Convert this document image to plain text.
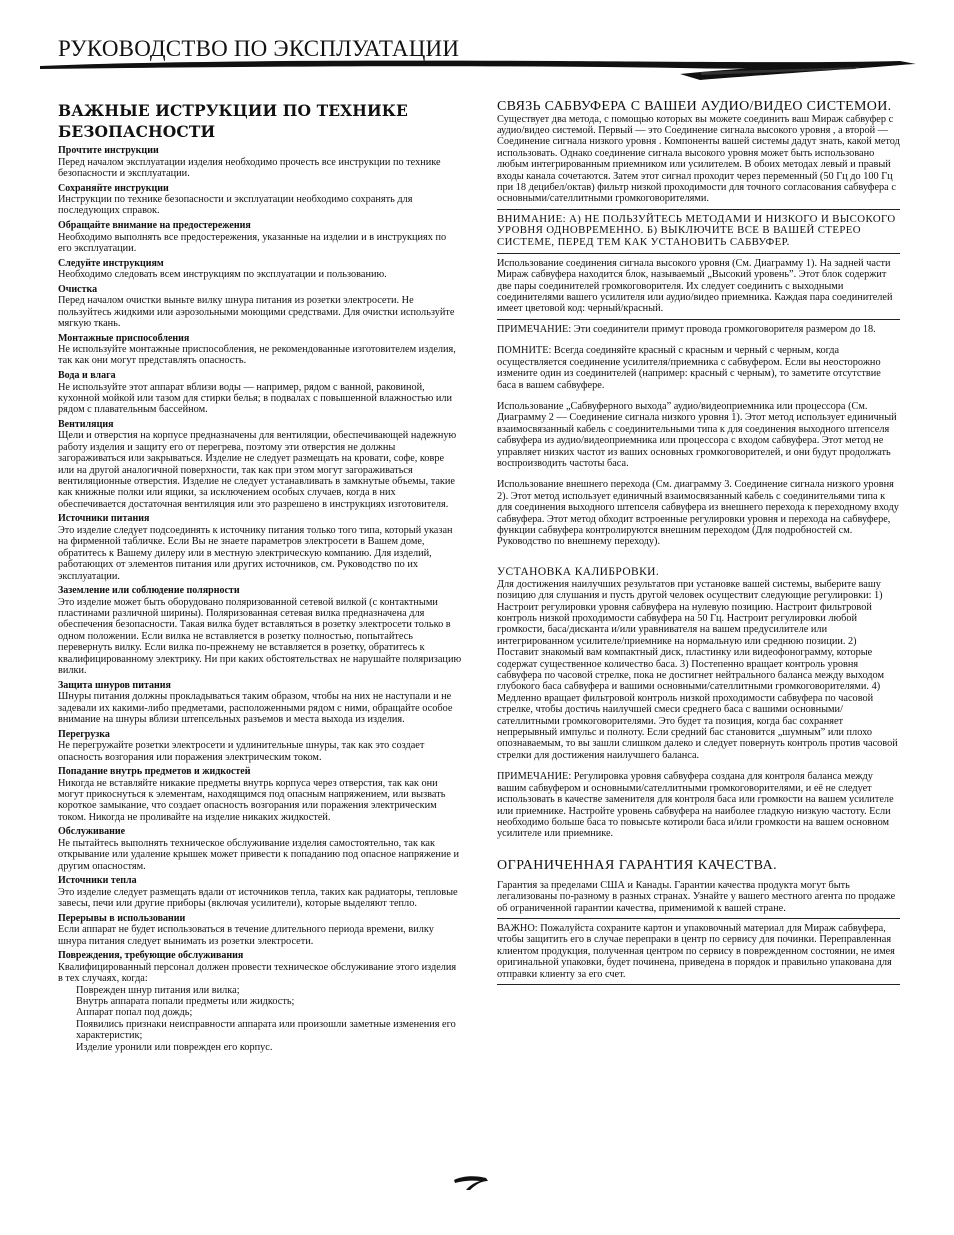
РУКОВОДСТВО ПО ЭКСПЛУАТАЦИИ
ВАЖНЫЕ ИСТРУКЦИИ ПО ТЕХНИКЕ БЕЗОПАСНОСТИ
Прочтите инструкции

Перед началом эксплуатации изделия необходимо прочесть все инструкции по технике безопасности и эксплуатации.

Сохраняйте инструкции

Инструкции по технике безопасности и эксплуатации необходимо сохранять для последующих справок.

Обращайте внимание на предостережения

Необходимо выполнять все предостережения, указанные на изделии и в инструкциях по его эксплуатации.

Следуйте инструкциям

Необходимо следовать всем инструкциям по эксплуатации и пользованию.

Очистка

Перед началом очистки выньте вилку шнура питания из розетки электросети. Не пользуйтесь жидкими или аэрозольными моющими средствами. Для очистки используйте мягкую ткань.

Монтажные приспособления

Не используйте монтажные приспособления, не рекомендованные изготовителем изделия, так как они могут представлять опасность.

Вода и влага

Не используйте этот аппарат вблизи воды — например, рядом с ванной, раковиной, кухонной мойкой или тазом для стирки белья; в подвалах с повышенной влажностью или рядом с плавательным бассейном.

Вентиляция

Щели и отверстия на корпусе предназначены для вентиляции, обеспечивающей надежную работу изделия и защиту его от перегрева, поэтому эти отверстия не должны загораживаться или закрываться. Изделие не следует размещать на кровати, софе, ковре или на другой аналогичной поверхности, так как при этом могут загораживаться вентиляционные отверстия. Изделие не следует устанавливать в замкнутые объемы, такие как книжные полки или ящики, за исключением особых случаев, когда в них обеспечивается достаточная вентиляция или это разрешено в инструкциях изготовителя.

Источники питания

Это изделие следует подсоединять к источнику питания только того типа, который указан на фирменной табличке. Если Вы не знаете параметров электросети в Вашем доме, обратитесь к Вашему дилеру или в местную электрическую компанию. Для изделий, работающих от элементов питания или других источников, см. Руководство по их эксплуатации.

Заземление или соблюдение полярности

Это изделие может быть оборудовано поляризованной сетевой вилкой (с контактными пластинами различной ширины). Поляризованная сетевая вилка предназначена для обеспечения безопасности. Такая вилка будет вставляться в розетку электросети только в одном положении. Если вилка не вставляется в розетку полностью, попытайтесь перевернуть вилку. Если вилка по-прежнему не вставляется в розетку, обратитесь к квалифицированному электрику. Ни при каких обстоятельствах не нарушайте поляризацию вилки.

Защита шнуров питания

Шнуры питания должны прокладываться таким образом, чтобы на них не наступали и не задевали их какими-либо предметами, расположенными рядом с ними, обращайте особое внимание на шнуры вблизи штепсельных разъемов и места выхода из изделия.

Перегрузка

Не перегружайте розетки электросети и удлинительные шнуры, так как это создает опасность возгорания или поражения электрическим током.

Попадание внутрь предметов и жидкостей

Никогда не вставляйте никакие предметы внутрь корпуса через отверстия, так как они могут прикоснуться к элементам, находящимся под опасным напряжением, или вызвать короткое замыкание, что создает опасность возгорания или поражения электрическим током. Никогда не проливайте на изделие никаких жидкостей.

Обслуживание

Не пытайтесь выполнять техническое обслуживание изделия самостоятельно, так как открывание или удаление крышек может привести к попаданию под опасное напряжение и другим опасностям.

Источники тепла

Это изделие следует размещать вдали от источников тепла, таких как радиаторы, тепловые завесы, печи или другие приборы (включая усилители), которые выделяют тепло.

Перерывы в использовании

Если аппарат не будет использоваться в течение длительного периода времени, вилку шнура питания следует вынимать из розетки электросети.

Повреждения, требующие обслуживания

Квалифицированный персонал должен провести техническое обслуживание этого изделия в тех случаях, когда:

Поврежден шнур питания или вилка;
Внутрь аппарата попали предметы или жидкость;
Аппарат попал под дождь;
Появились признаки неисправности аппарата или произошли заметные изменения его характеристик;
Изделие уронили или поврежден его корпус.
СВЯЗЬ САБВУФЕРА С ВАШЕЙ АУДИО/ВИДЕО СИСТЕМОЙ.

Существует два метода, с помощью которых вы можете соединить ваш Мираж сабвуфер с аудио/видео системой. Первый — это Соединение сигнала высокого уровня , а второй — Соединение сигнала низкого уровня . Компоненты вашей системы дадут знать, какой метод использовать. Однако соединение сигнала высокого уровня может быть использовано любым интегрированным приемником или усилителем. В обоих методах левый и правый входы канала сочетаются. Затем этот сигнал проходит через переменный (50 Гц до 100 Гц при 18 децибел/октав) фильтр низкой проходимости для точного согласования сабвуфера с основными/сателлитными громкоговорителями.

ВНИМАНИЕ: А) НЕ ПОЛЬЗУЙТЕСЬ МЕТОДАМИ И НИЗКОГО И ВЫСОКОГО УРОВНЯ ОДНОВРЕМЕННО. Б) ВЫКЛЮЧИТЕ ВСЕ В ВАШЕЙ СТЕРЕО СИСТЕМЕ, ПЕРЕД ТЕМ КАК УСТАНОВИТЬ САБВУФЕР.

Использование соединения сигнала высокого уровня (См. Диаграмму 1). На задней части Мираж сабвуфера находится блок, называемый „Высокий уровень”. Этот блок содержит две пары соединителей громкоговорителя. Их следует соединить с выходными соединителями вашего усилителя или аудио/видео приемника. Каждая пара соединителей имеет цветовой код: черный/красный.

ПРИМЕЧАНИЕ: Эти соединители примут провода громкоговорителя размером до 18.

ПОМНИТЕ: Всегда соединяйте красный с красным и черный с черным, когда осуществляется соединение усилителя/приемника с сабвуфером. Если вы неосторожно измените один из соединителей (например: красный с черным), то заметите отсутствие баса в вашем сабвуфере.

Использование „Сабвуферного выхода” аудио/видеоприемника или процессора (См. Диаграмму 2 — Соединение сигнала низкого уровня 1). Этот метод использует единичный взаимосвязанный кабель с соединительными типа к для соединения выходного штепселя сабвуфера из аудио/видеоприемника или процессора с входом сабвуфера. Этот метод не управляет низких частот из ваших основных громкоговорителей, и они будут продолжать воспроизводить частоты баса.

Использование внешнего перехода (См. диаграмму 3. Соединение сигнала низкого уровня 2). Этот метод использует единичный взаимосвязанный кабель с соединительями типа к для соединения выходного штепселя сабвуфера из внешнего перехода к переходному входу сабвуфера. Этот метод обходит встроенные регулировки уровня и перехода на сабвуфере, функции сабвуфера контролируются внешним переходом (Для подробностей см. Руководство по внешнему переходу).

УСТАНОВКА КАЛИБРОВКИ.

Для достижения наилучших результатов при установке вашей системы, выберите вашу позицию для слушания и пусть другой человек осуществит следующие регулировки: 1) Настроит регулировки уровня сабвуфера на нулевую позицию. Настроит фильтровой контроль низкой проходимости сабвуфера на 50 Гц. Настроит регулировки любой громкости, баса/дисканта и/или уравнивателя на вашем предусилителе или интегрированном усилителе/приемнике на нормальную или среднюю позиции. 2) Поставит знакомый вам компактный диск, пластинку или видеофонограмму, которые содержат существенное количество баса. 3) Постепенно вращает контроль уровня сабвуфера по часовой стрелке, пока не достигнет нейтрального баланса между выходом глубокого баса сабвуфера и вашими основными/сателлитными громкоговорителями. 4) Медленно вращает фильтровой контроль низкой проходимости сабвуфера по часовой стрелке, чтобы достичь наилучшей смеси среднего баса с вашими основными/сателлитными громкоговорителями. Это будет та позиция, когда бас сохраняет непрерывный импульс и полноту. Если средний бас становится „шумным” или плохо опознаваемым, то вы зашли слишком далеко и следует повернуть контроль против часовой стрелки для достижения наилучшего баланса.

ПРИМЕЧАНИЕ: Регулировка уровня сабвуфера создана для контроля баланса между вашим сабвуфером и основными/сателлитными громкоговорителями, и её не следует использовать в качестве заменителя для контроля баса или громкости на вашем усилителе или приемнике. Настройте уровень сабвуфера на наиболее гладкую низкую частоту. Если необходимо больше баса то повысьте котироли баса и/или громкости на вашем основном усилителе или приемнике.

ОГРАНИЧЕННАЯ ГАРАНТИЯ КАЧЕСТВА.

Гарантия за пределами США и Канады. Гарантии качества продукта могут быть легализованы по-разному в разных странах. Узнайте у вашего местного агента по продаже об ограниченной гарантии качества, применимой к вашей стране.

ВАЖНО: Пожалуйста сохраните картон и упаковочный материал для Мираж сабвуфера, чтобы защитить его в случае перепраки в центр по сервису для починки. Переправленная клиентом продукция, полученная центром по сервису в поврежденном состоянии, не имея оригинальной упаковки, будет починена, приведена в порядок и правильно упакована для отправки клиенту за его счет.
